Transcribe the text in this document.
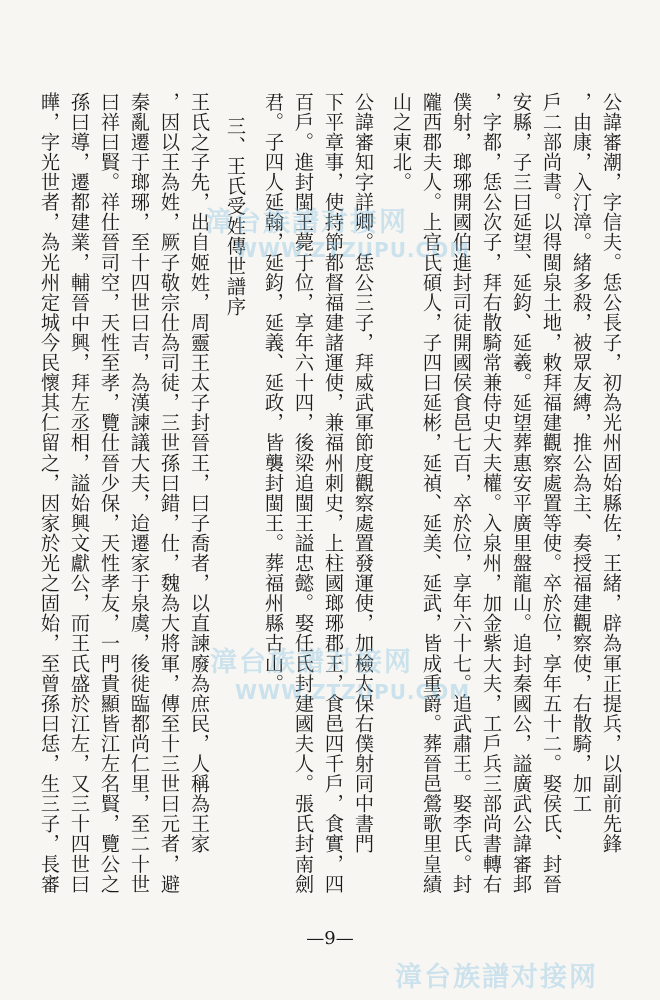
公諱審潮，字信夫。恁公長子，初為光州固始縣佐，王緒，辟為軍正提兵，以副前先鋒
，由康，入汀漳。緒多殺，被眾友縛，推公為主、奏授福建觀察使，右散騎，加工
戶二部尚書。以得閩泉土地，敕拜福建觀察處置等使。卒於位，享年五十二。娶侯氏、封晉
安縣，子三曰延望、延鈞、延羲。延望葬惠安平廣里盤龍山。追封秦國公，謚廣武公諱審邽
，字都，恁公次子，拜右散騎常兼侍史大夫權。入泉州，加金紫大夫，工戶兵三部尚書轉右
僕射，瑯琊開國伯進封司徒開國侯食邑七百，卒於位，享年六十七。追武肅王。娶李氏。封
隴西郡夫人。上官氏碩人，子四曰延彬，延禎、延美、延武，皆成重爵。葬晉邑鶯歌里皇績
山之東北。
公諱審知字詳卿。恁公三子，拜威武軍節度觀察處置發運使，加檢太保右僕射同中書門
下平章事，使持節都督福建諸運使，兼福州刺史，上柱國瑯琊郡王，食邑四千戶，食實，四
百戶。進封閩王薨于位，享年六十四，後梁追閩王謚忠懿。娶任氏封建國夫人。張氏封南劍
君。子四人延翰，延鈞，延義、延政，皆襲封閩王。葬福州縣古山。
三、王氏受姓傳世譜序
王氏之子先，出自姬姓，周靈王太子封晉王，曰子喬者，以直諫廢為庶民，人稱為王家
，因以王為姓，厥子敬宗仕為司徒，三世孫曰錯，仕，魏為大將軍，傳至十三世曰元者，避
秦亂遷于瑯琊，至十四世曰吉，為漢諫議大夫，迨遷家于泉虞，後徙臨都尚仁里，至二十世
曰祥曰賢。祥仕晉司空，天性至孝，覽仕晉少保，天性孝友，一門貴顯皆江左名賢，覽公之
孫曰導，遷都建業，輔晉中興，拜左丞相，謚始興文獻公，而王氏盛於江左，又三十四世曰
曄，字光世者，為光州定城今民懷其仁留之，因家於光之固始，至曾孫曰恁，生三子，長審	漳台族譜对接网
WWW.ZTZUPU.COM
漳台族譜对接网
WWW.ZTZUPU.COM
漳台族譜对接网
—9—
